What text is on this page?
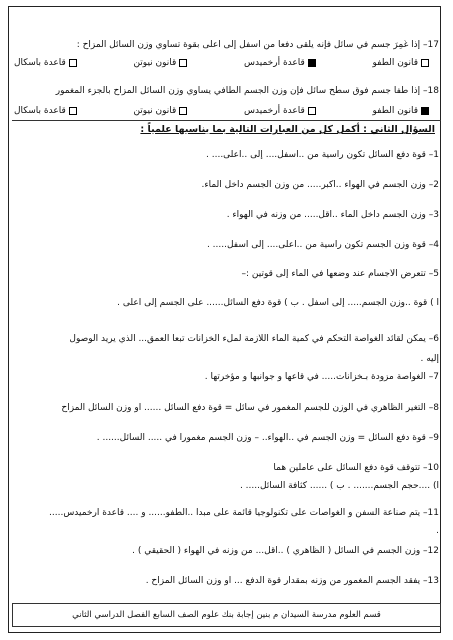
17– إذا غُمِرَ جسم في سائل فإنه يلقى دفعا من أسفل إلى أعلى بقوة تساوي وزن السائل المزاح :
قانون الطفو
قاعدة أرخميدس
قانون نيوتن
قاعدة باسكال
18– إذا طفا جسم فوق سطح سائل فإن وزن الجسم الطافي يساوي وزن السائل المزاح بالجزء المغمور
قانون الطفو
قاعدة أرخميدس
قانون نيوتن
قاعدة باسكال
السؤال الثاني : أكمل كل من العبارات التالية بما يناسبها علمياً :
1– قوة دفع السائل تكون رأسية من ..أسفل.... إلى ..أعلى.... .
2– وزن الجسم في الهواء ..أكبر..... من وزن الجسم داخل الماء.
3– وزن الجسم داخل الماء ..أقل..... من وزنه في الهواء .
4– قوة وزن الجسم تكون رأسية من ..أعلى.... إلى أسفل..... .
5– تتعرض الأجسام عند وضعها في الماء إلى قوتين :–
أ ) قوة ..وزن الجسم..... إلى أسفل . ب ) قوة دفع السائل...... على الجسم إلى أعلى .
6– يمكن لقائد الغواصة التحكم في كمية الماء اللازمة لملء الخزانات تبعاً العمق... الذي يريد الوصول
إليه .
7– الغواصة مزودة بـخزانات..... في قاعها و جوانبها و مؤخرتها .
8– التغير الظاهري في الوزن للجسم المغمور في سائل = قوة دفع السائل ...... أو وزن السائل المزاح
9– قوة دفع السائل = وزن الجسم في ..الهواء.. – وزن الجسم مغمورا في ..... السائل...... .
10– تتوقف قوة دفع السائل على عاملين هما
أ) ....حجم الجسم....... . ب ) ...... كثافة السائل..... .
11– يتم صناعة السفن و الغواصات على تكنولوجيا قائمة على مبدأ ..الطفو...... و .... قاعدة أرخميدس.....
.
12– وزن الجسم في السائل ( الظاهري ) ..أقل... من وزنه في الهواء ( الحقيقي ) .
13– يفقد الجسم المغمور من وزنه بمقدار قوة الدفع ... أو وزن السائل المزاح .
قسم العلوم مدرسة السيدان م بنين إجابة بنك علوم الصف السابع الفصل الدراسي الثاني
